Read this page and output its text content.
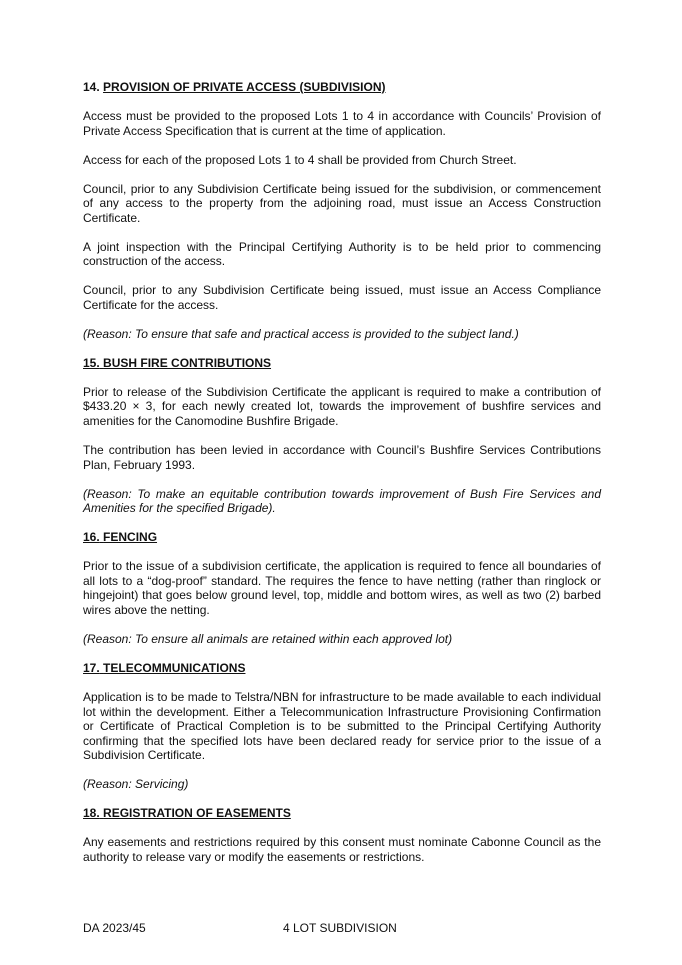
14. PROVISION OF PRIVATE ACCESS (SUBDIVISION)

Access must be provided to the proposed Lots 1 to 4 in accordance with Councils’ Provision of Private Access Specification that is current at the time of application.

Access for each of the proposed Lots 1 to 4 shall be provided from Church Street.

Council, prior to any Subdivision Certificate being issued for the subdivision, or commencement of any access to the property from the adjoining road, must issue an Access Construction Certificate.

A joint inspection with the Principal Certifying Authority is to be held prior to commencing construction of the access.

Council, prior to any Subdivision Certificate being issued, must issue an Access Compliance Certificate for the access.

(Reason: To ensure that safe and practical access is provided to the subject land.)

15. BUSH FIRE CONTRIBUTIONS

Prior to release of the Subdivision Certificate the applicant is required to make a contribution of $433.20 × 3, for each newly created lot, towards the improvement of bushfire services and amenities for the Canomodine Bushfire Brigade.

The contribution has been levied in accordance with Council’s Bushfire Services Contributions Plan, February 1993.

(Reason: To make an equitable contribution towards improvement of Bush Fire Services and Amenities for the specified Brigade).

16. FENCING

Prior to the issue of a subdivision certificate, the application is required to fence all boundaries of all lots to a “dog-proof” standard. The requires the fence to have netting (rather than ringlock or hingejoint) that goes below ground level, top, middle and bottom wires, as well as two (2) barbed wires above the netting.

(Reason: To ensure all animals are retained within each approved lot)

17. TELECOMMUNICATIONS

Application is to be made to Telstra/NBN for infrastructure to be made available to each individual lot within the development. Either a Telecommunication Infrastructure Provisioning Confirmation or Certificate of Practical Completion is to be submitted to the Principal Certifying Authority confirming that the specified lots have been declared ready for service prior to the issue of a Subdivision Certificate.

(Reason: Servicing)

18. REGISTRATION OF EASEMENTS

Any easements and restrictions required by this consent must nominate Cabonne Council as the authority to release vary or modify the easements or restrictions.

DA 2023/45	4 LOT SUBDIVISION
